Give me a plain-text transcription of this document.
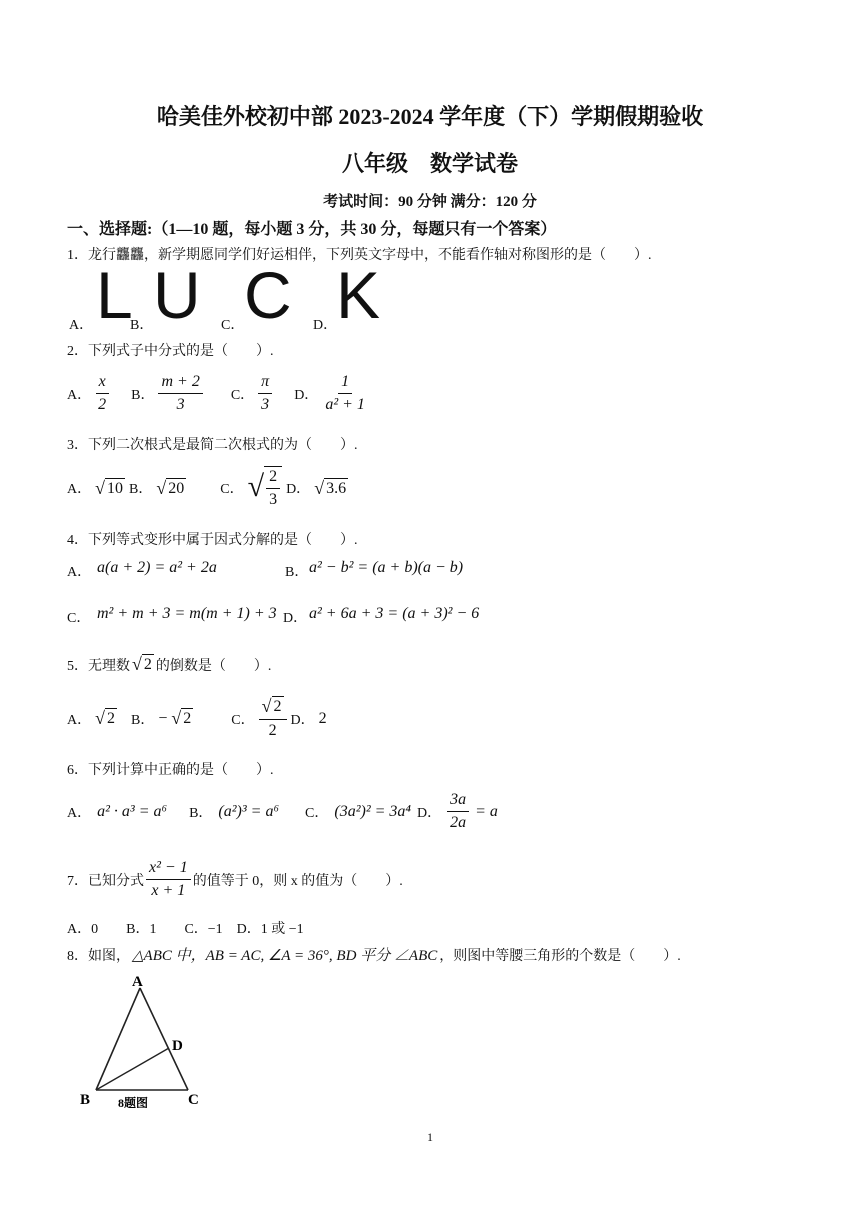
哈美佳外校初中部 2023-2024 学年度（下）学期假期验收
八年级　数学试卷
考试时间：90 分钟 满分：120 分
一、选择题:（1—10 题，每小题 3 分，共 30 分，每题只有一个答案）
1．龙行龘龘，新学期愿同学们好运相伴，下列英文字母中，不能看作轴对称图形的是（　　）.
A． L
B． U C． C D．
K
2．下列式子中分式的是（　　）.
A． $\frac{x}{2}$ B． $\frac{m + 2}{3}$ C． $\frac{\pi}{3}$ D． $\frac{1}{\text{a² + 1}}$
3．下列二次根式是最简二次根式的为（　　）.
A． √ 10 B． √ 20	C． √ $\frac{2}{3}$ D． √ 3.6
4．下列等式变形中属于因式分解的是（　　）.
A． a(a + 2) = a² + 2a	B． a² − b² = (a + b)(a − b)
C． m² + m + 3 = m(m + 1) + 3 D． a² + 6a + 3 = (a + 3)² − 6
5．无理数 √ 2 的倒数是（　　）.
A． √ 2 B． − √ 2	C． $\frac{√ 2}{2}$ D． 2
6．下列计算中正确的是（　　）.
A． a² · a³ = a⁶ B． (a²)³ = a⁶ C． (3a²)² = 3a⁴ D． $\frac{3a}{2a} = a$
7．已知分式 $\frac{\text{x² − 1}}{x + 1}$ 的值等于 0，则 x 的值为（　　）.
A．0　　B．1　　C．−1　D．1 或 −1
8．如图， △ABC 中，AB = AC, ∠A = 36°, BD 平分 ∠ABC ，则图中等腰三角形的个数是（　　）.
A
B	C
D
8题图
1
